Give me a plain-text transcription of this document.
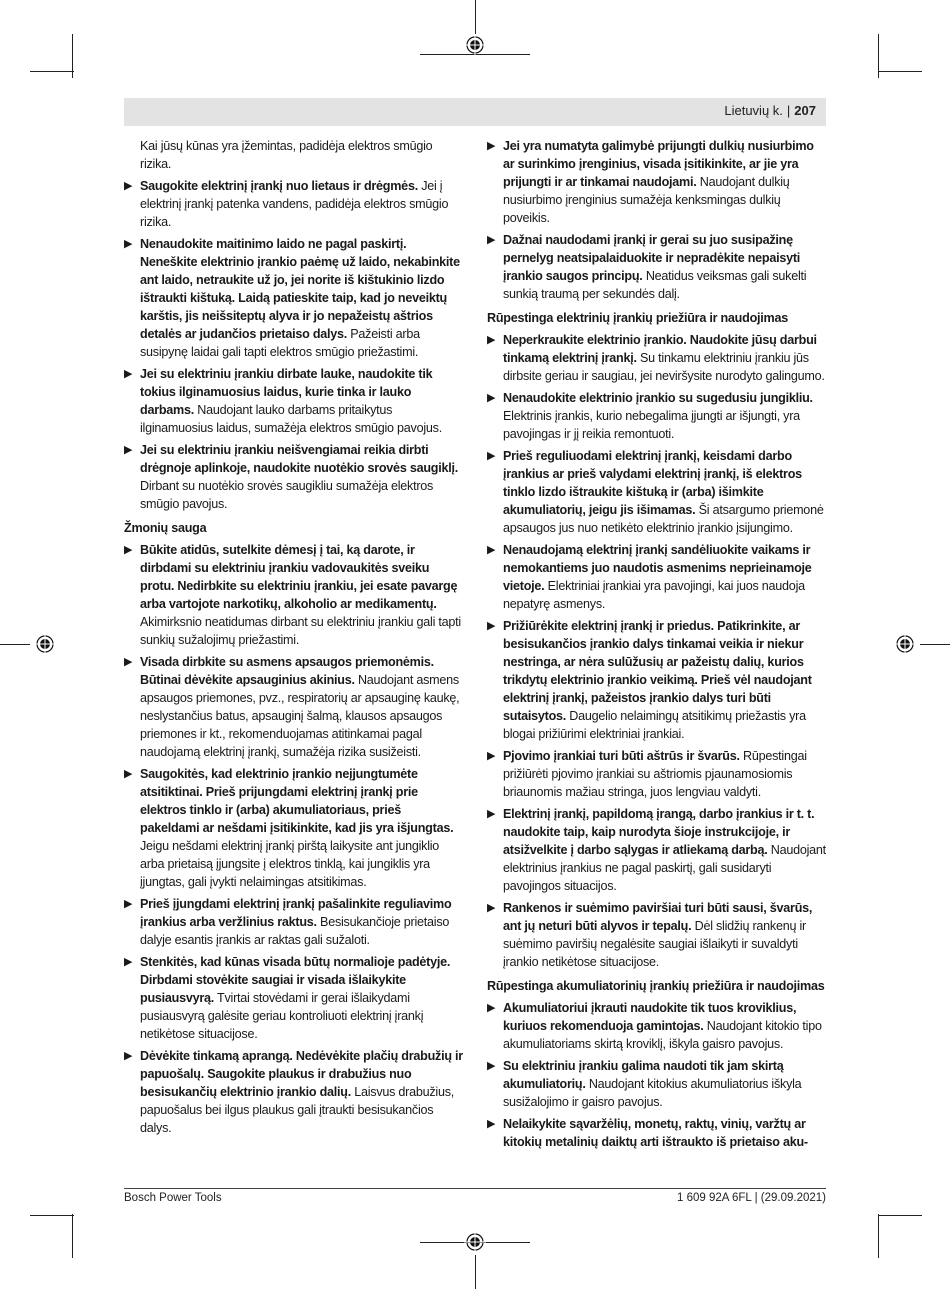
Lietuvių k. | 207
Kai jūsų kūnas yra įžemintas, padidėja elektros smūgio rizika.
▶ Saugokite elektrinį įrankį nuo lietaus ir drėgmės. Jei į elektrinį įrankį patenka vandens, padidėja elektros smūgio rizika.
▶ Nenaudokite maitinimo laido ne pagal paskirtį. Neneškite elektrinio įrankio paėmę už laido, nekabinkite ant laido, netraukite už jo, jei norite iš kištukinio lizdo ištraukti kištuką. Laidą patieskite taip, kad jo neveiktų karštis, jis neišsiteptų alyva ir jo nepažeistų aštrios detalės ar judančios prietaiso dalys. Pažeisti arba susipynę laidai gali tapti elektros smūgio priežastimi.
▶ Jei su elektriniu įrankiu dirbate lauke, naudokite tik tokius ilginamuosius laidus, kurie tinka ir lauko darbams. Naudojant lauko darbams pritaikytus ilginamuosius laidus, sumažėja elektros smūgio pavojus.
▶ Jei su elektriniu įrankiu neišvengiamai reikia dirbti drėgnoje aplinkoje, naudokite nuotėkio srovės saugiklį. Dirbant su nuotėkio srovės saugikliu sumažėja elektros smūgio pavojus.
Žmonių sauga
▶ Būkite atidūs, sutelkite dėmesį į tai, ką darote, ir dirbdami su elektriniu įrankiu vadovaukitės sveiku protu. Nedirbkite su elektriniu įrankiu, jei esate pavargę arba vartojote narkotikų, alkoholio ar medikamentų. Akimirksnio neatidumas dirbant su elektriniu įrankiu gali tapti sunkių sužalojimų priežastimi.
▶ Visada dirbkite su asmens apsaugos priemonėmis. Būtinai dėvėkite apsauginius akinius. Naudojant asmens apsaugos priemones, pvz., respiratorių ar apsauginę kaukę, neslystančius batus, apsauginį šalmą, klausos apsaugos priemones ir kt., rekomenduojamas atitinkamai pagal naudojamą elektrinį įrankį, sumažėja rizika susižeisti.
▶ Saugokitės, kad elektrinio įrankio neįjungtumėte atsitiktinai. Prieš prijungdami elektrinį įrankį prie elektros tinklo ir (arba) akumuliatoriaus, prieš pakeldami ar nešdami įsitikinkite, kad jis yra išjungtas. Jeigu nešdami elektrinį įrankį pirštą laikysite ant jungiklio arba prietaisą įjungsite į elektros tinklą, kai jungiklis yra įjungtas, gali įvykti nelaimingas atsitikimas.
▶ Prieš įjungdami elektrinį įrankį pašalinkite reguliavimo įrankius arba veržlinius raktus. Besisukančioje prietaiso dalyje esantis įrankis ar raktas gali sužaloti.
▶ Stenkitės, kad kūnas visada būtų normalioje padėtyje. Dirbdami stovėkite saugiai ir visada išlaikykite pusiausvyrą. Tvirtai stovėdami ir gerai išlaikydami pusiausvyrą galėsite geriau kontroliuoti elektrinį įrankį netikėtose situacijose.
▶ Dėvėkite tinkamą aprangą. Nedėvėkite plačių drabužių ir papuošalų. Saugokite plaukus ir drabužius nuo besisukančių elektrinio įrankio dalių. Laisvus drabužius, papuošalus bei ilgus plaukus gali įtraukti besisukančios dalys.
▶ Jei yra numatyta galimybė prijungti dulkių nusiurbimo ar surinkimo įrenginius, visada įsitikinkite, ar jie yra prijungti ir ar tinkamai naudojami. Naudojant dulkių nusiurbimo įrenginius sumažėja kenksmingas dulkių poveikis.
▶ Dažnai naudodami įrankį ir gerai su juo susipažinę pernelyg neatsipalaiduokite ir nepradėkite nepaisyti įrankio saugos principų. Neatidus veiksmas gali sukelti sunkią traumą per sekundės dalį.
Rūpestinga elektrinių įrankių priežiūra ir naudojimas
▶ Neperkraukite elektrinio įrankio. Naudokite jūsų darbui tinkamą elektrinį įrankį. Su tinkamu elektriniu įrankiu jūs dirbsite geriau ir saugiau, jei neviršysite nurodyto galingumo.
▶ Nenaudokite elektrinio įrankio su sugedusiu jungikliu. Elektrinis įrankis, kurio nebegalima įjungti ar išjungti, yra pavojingas ir jį reikia remontuoti.
▶ Prieš reguliuodami elektrinį įrankį, keisdami darbo įrankius ar prieš valydami elektrinį įrankį, iš elektros tinklo lizdo ištraukite kištuką ir (arba) išimkite akumuliatorių, jeigu jis išimamas. Ši atsargumo priemonė apsaugos jus nuo netikėto elektrinio įrankio įsijungimo.
▶ Nenaudojamą elektrinį įrankį sandėliuokite vaikams ir nemokantiems juo naudotis asmenims neprieinamoje vietoje. Elektriniai įrankiai yra pavojingi, kai juos naudoja nepatyrę asmenys.
▶ Prižiūrėkite elektrinį įrankį ir priedus. Patikrinkite, ar besisukančios įrankio dalys tinkamai veikia ir niekur nestringa, ar nėra sulūžusių ar pažeistų dalių, kurios trikdytų elektrinio įrankio veikimą. Prieš vėl naudojant elektrinį įrankį, pažeistos įrankio dalys turi būti sutaisytos. Daugelio nelaimingų atsitikimų priežastis yra blogai prižiūrimi elektriniai įrankiai.
▶ Pjovimo įrankiai turi būti aštrūs ir švarūs. Rūpestingai prižiūrėti pjovimo įrankiai su aštriomis pjaunamosiomis briaunomis mažiau stringa, juos lengviau valdyti.
▶ Elektrinį įrankį, papildomą įrangą, darbo įrankius ir t. t. naudokite taip, kaip nurodyta šioje instrukcijoje, ir atsižvelkite į darbo sąlygas ir atliekamą darbą. Naudojant elektrinius įrankius ne pagal paskirtį, gali susidaryti pavojingos situacijos.
▶ Rankenos ir suėmimo paviršiai turi būti sausi, švarūs, ant jų neturi būti alyvos ir tepalų. Dėl slidžių rankenų ir suėmimo paviršių negalėsite saugiai išlaikyti ir suvaldyti įrankio netikėtose situacijose.
Rūpestinga akumuliatorinių įrankių priežiūra ir naudojimas
▶ Akumuliatoriui įkrauti naudokite tik tuos kroviklius, kuriuos rekomenduoja gamintojas. Naudojant kitokio tipo akumuliatoriams skirtą kroviklį, iškyla gaisro pavojus.
▶ Su elektriniu įrankiu galima naudoti tik jam skirtą akumuliatorių. Naudojant kitokius akumuliatorius iškyla susižalojimo ir gaisro pavojus.
▶ Nelaikykite sąvaržėlių, monetų, raktų, vinių, varžtų ar kitokių metalinių daiktų arti ištraukto iš prietaiso aku-
Bosch Power Tools	1 609 92A 6FL | (29.09.2021)
